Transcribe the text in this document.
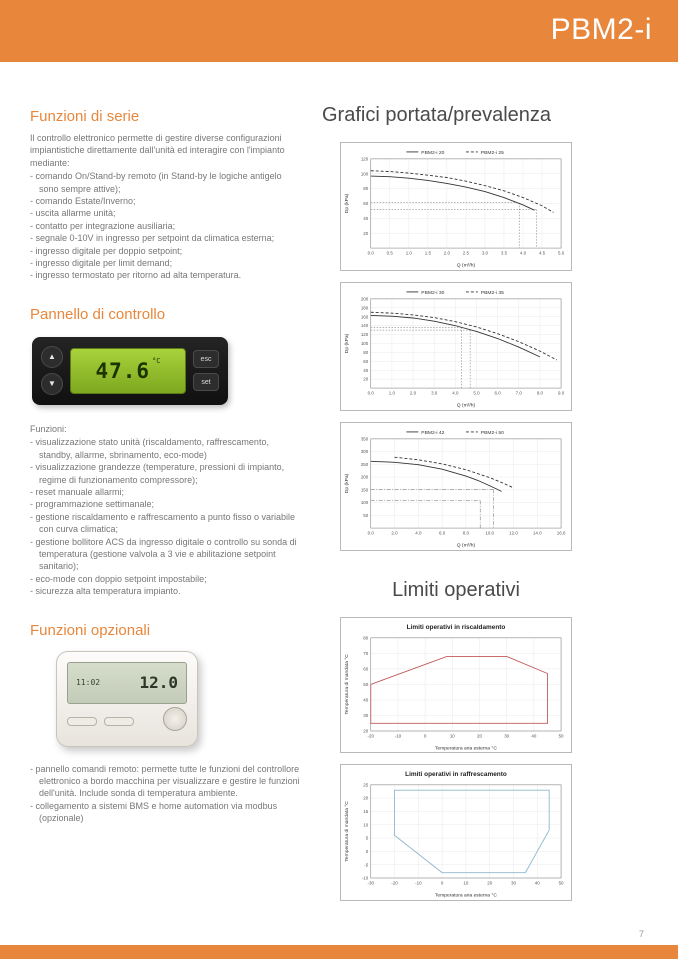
PBM2-i
Funzioni di serie

Il controllo elettronico permette di gestire diverse configurazioni impiantistiche direttamente dall'unità ed interagire con l'impianto mediante:

- comando On/Stand-by remoto (in Stand-by le logiche antigelo sono sempre attive);
- comando Estate/Inverno;
- uscita allarme unità;
- contatto per integrazione ausiliaria;
- segnale 0-10V in ingresso per setpoint da climatica esterna;
- ingresso digitale per doppio setpoint;
- ingresso digitale per limit demand;
- ingresso termostato per ritorno ad alta temperatura.
Pannello di controllo
▲
▼
47.6 °C	esc
set

Funzioni:

- visualizzazione stato unità (riscaldamento, raffrescamento, standby, allarme, sbrinamento, eco-mode)
- visualizzazione grandezze (temperature, pressioni di impianto, regime di funzionamento compressore);
- reset manuale allarmi;
- programmazione settimanale;
- gestione riscaldamento e raffrescamento a punto fisso o variabile con curva climatica;
- gestione bollitore ACS da ingresso digitale o controllo su sonda di temperatura (gestione valvola a 3 vie e abilitazione setpoint sanitario);
- eco-mode con doppio setpoint impostabile;
- sicurezza alta temperatura impianto.
Funzioni opzionali
11:02 12.0
- pannello comandi remoto: permette tutte le funzioni del controllore elettronico a bordo macchina per visualizzare e gestire le funzioni dell'unità. Include sonda di temperatura ambiente.
- collegamento a sistemi BMS e home automation via modbus (opzionale)
Grafici portata/prevalenza
20
40
60
80
100
120
0.0	0.5	1.0	1.5	2.0	2.5	3.0	3.5	4.0	4.5	5.0
Q (m³/h)
Dp (kPa)
PBM2-i 20	PBM2-i 25
20
40
60
80
100
120
140
160
180
200
0.0	1.0	2.0	3.0	4.0	5.0	6.0	7.0	8.0	9.0
Q (m³/h)
Dp (kPa)
PBM2-i 30	PBM2-i 35
50
100
150
200
250
300
350
0.0	2.0	4.0	6.0	8.0	10.0	12.0	14.0	16.0
Q (m³/h)
Dp (kPa)
PBM2-i 42	PBM2-i 50
Limiti operativi
20
30
40
50
60
70
80
-20	-10	0	10	20	30	40	50
Temperatura aria esterna °C
Temperatura di mandata °C
Limiti operativi in riscaldamento
-10
-5
0
5
10
15
20
25
-30	-20	-10	0	10	20	30	40	50
Temperatura aria esterna °C
Temperatura di mandata °C
Limiti operativi in raffrescamento
7
